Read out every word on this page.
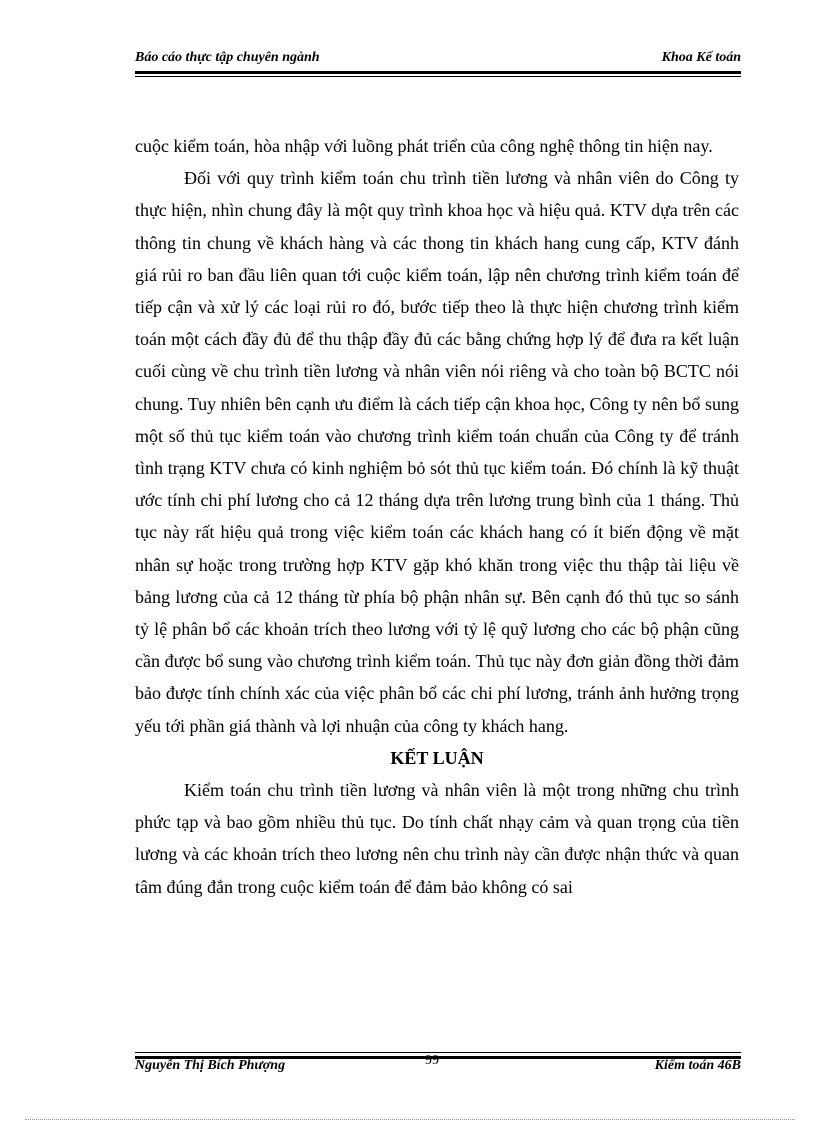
Báo cáo thực tập chuyên ngành	Khoa Kế toán

cuộc kiểm toán, hòa nhập với luồng phát triển của công nghệ thông tin hiện nay.

Đối với quy trình kiểm toán chu trình tiền lương và nhân viên do Công ty thực hiện, nhìn chung đây là một quy trình khoa học và hiệu quả. KTV dựa trên các thông tin chung về khách hàng và các thong tin khách hang cung cấp, KTV đánh giá rủi ro ban đầu liên quan tới cuộc kiểm toán, lập nên chương trình kiểm toán để tiếp cận và xử lý các loại rủi ro đó, bước tiếp theo là thực hiện chương trình kiểm toán một cách đầy đủ để thu thập đầy đủ các bằng chứng hợp lý để đưa ra kết luận cuối cùng về chu trình tiền lương và nhân viên nói riêng và cho toàn bộ BCTC nói chung. Tuy nhiên bên cạnh ưu điểm là cách tiếp cận khoa học, Công ty nên bổ sung một số thủ tục kiểm toán vào chương trình kiểm toán chuẩn của Công ty để tránh tình trạng KTV chưa có kinh nghiệm bỏ sót thủ tục kiểm toán. Đó chính là kỹ thuật ước tính chi phí lương cho cả 12 tháng dựa trên lương trung bình của 1 tháng. Thủ tục này rất hiệu quả trong việc kiểm toán các khách hang có ít biến động về mặt nhân sự hoặc trong trường hợp KTV gặp khó khăn trong việc thu thập tài liệu về bảng lương của cả 12 tháng từ phía bộ phận nhân sự. Bên cạnh đó thủ tục so sánh tỷ lệ phân bổ các khoản trích theo lương với tỷ lệ quỹ lương cho các bộ phận cũng cần được bổ sung vào chương trình kiểm toán. Thủ tục này đơn giản đồng thời đảm bảo được tính chính xác của việc phân bổ các chi phí lương, tránh ảnh hưởng trọng yếu tới phần giá thành và lợi nhuận của công ty khách hang.

KẾT LUẬN

Kiểm toán chu trình tiền lương và nhân viên là một trong những chu trình phức tạp và bao gồm nhiều thủ tục. Do tính chất nhạy cảm và quan trọng của tiền lương và các khoản trích theo lương nên chu trình này cần được nhận thức và quan tâm đúng đắn trong cuộc kiểm toán để đảm bảo không có sai

Nguyễn Thị Bích Phượng	99	Kiểm toán 46B
